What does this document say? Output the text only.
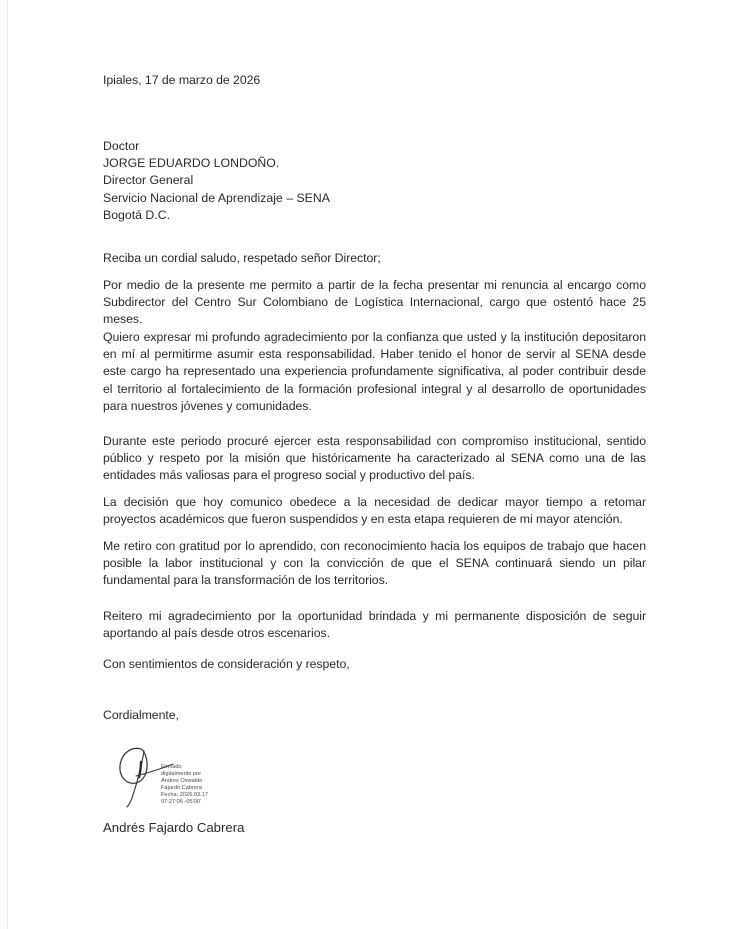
Ipiales, 17 de marzo de 2026
Doctor
JORGE EDUARDO LONDOÑO.
Director General
Servicio Nacional de Aprendizaje – SENA
Bogotá D.C.
Reciba un cordial saludo, respetado señor Director;

Por medio de la presente me permito a partir de la fecha presentar mi renuncia al encargo como Subdirector del Centro Sur Colombiano de Logística Internacional, cargo que ostentó hace 25 meses.

Quiero expresar mi profundo agradecimiento por la confianza que usted y la institución depositaron en mí al permitirme asumir esta responsabilidad. Haber tenido el honor de servir al SENA desde este cargo ha representado una experiencia profundamente significativa, al poder contribuir desde el territorio al fortalecimiento de la formación profesional integral y al desarrollo de oportunidades para nuestros jóvenes y comunidades.

Durante este periodo procuré ejercer esta responsabilidad con compromiso institucional, sentido público y respeto por la misión que históricamente ha caracterizado al SENA como una de las entidades más valiosas para el progreso social y productivo del país.

La decisión que hoy comunico obedece a la necesidad de dedicar mayor tiempo a retomar proyectos académicos que fueron suspendidos y en esta etapa requieren de mi mayor atención.

Me retiro con gratitud por lo aprendido, con reconocimiento hacia los equipos de trabajo que hacen posible la labor institucional y con la convicción de que el SENA continuará siendo un pilar fundamental para la transformación de los territorios.

Reitero mi agradecimiento por la oportunidad brindada y mi permanente disposición de seguir aportando al país desde otros escenarios.

Con sentimientos de consideración y respeto,
Cordialmente,
Firmado
digitalmente por
Andres Oswaldo
Fajardo Cabrera
Fecha: 2026.03.17
07:27:06 -05'00'
Andrés Fajardo Cabrera
